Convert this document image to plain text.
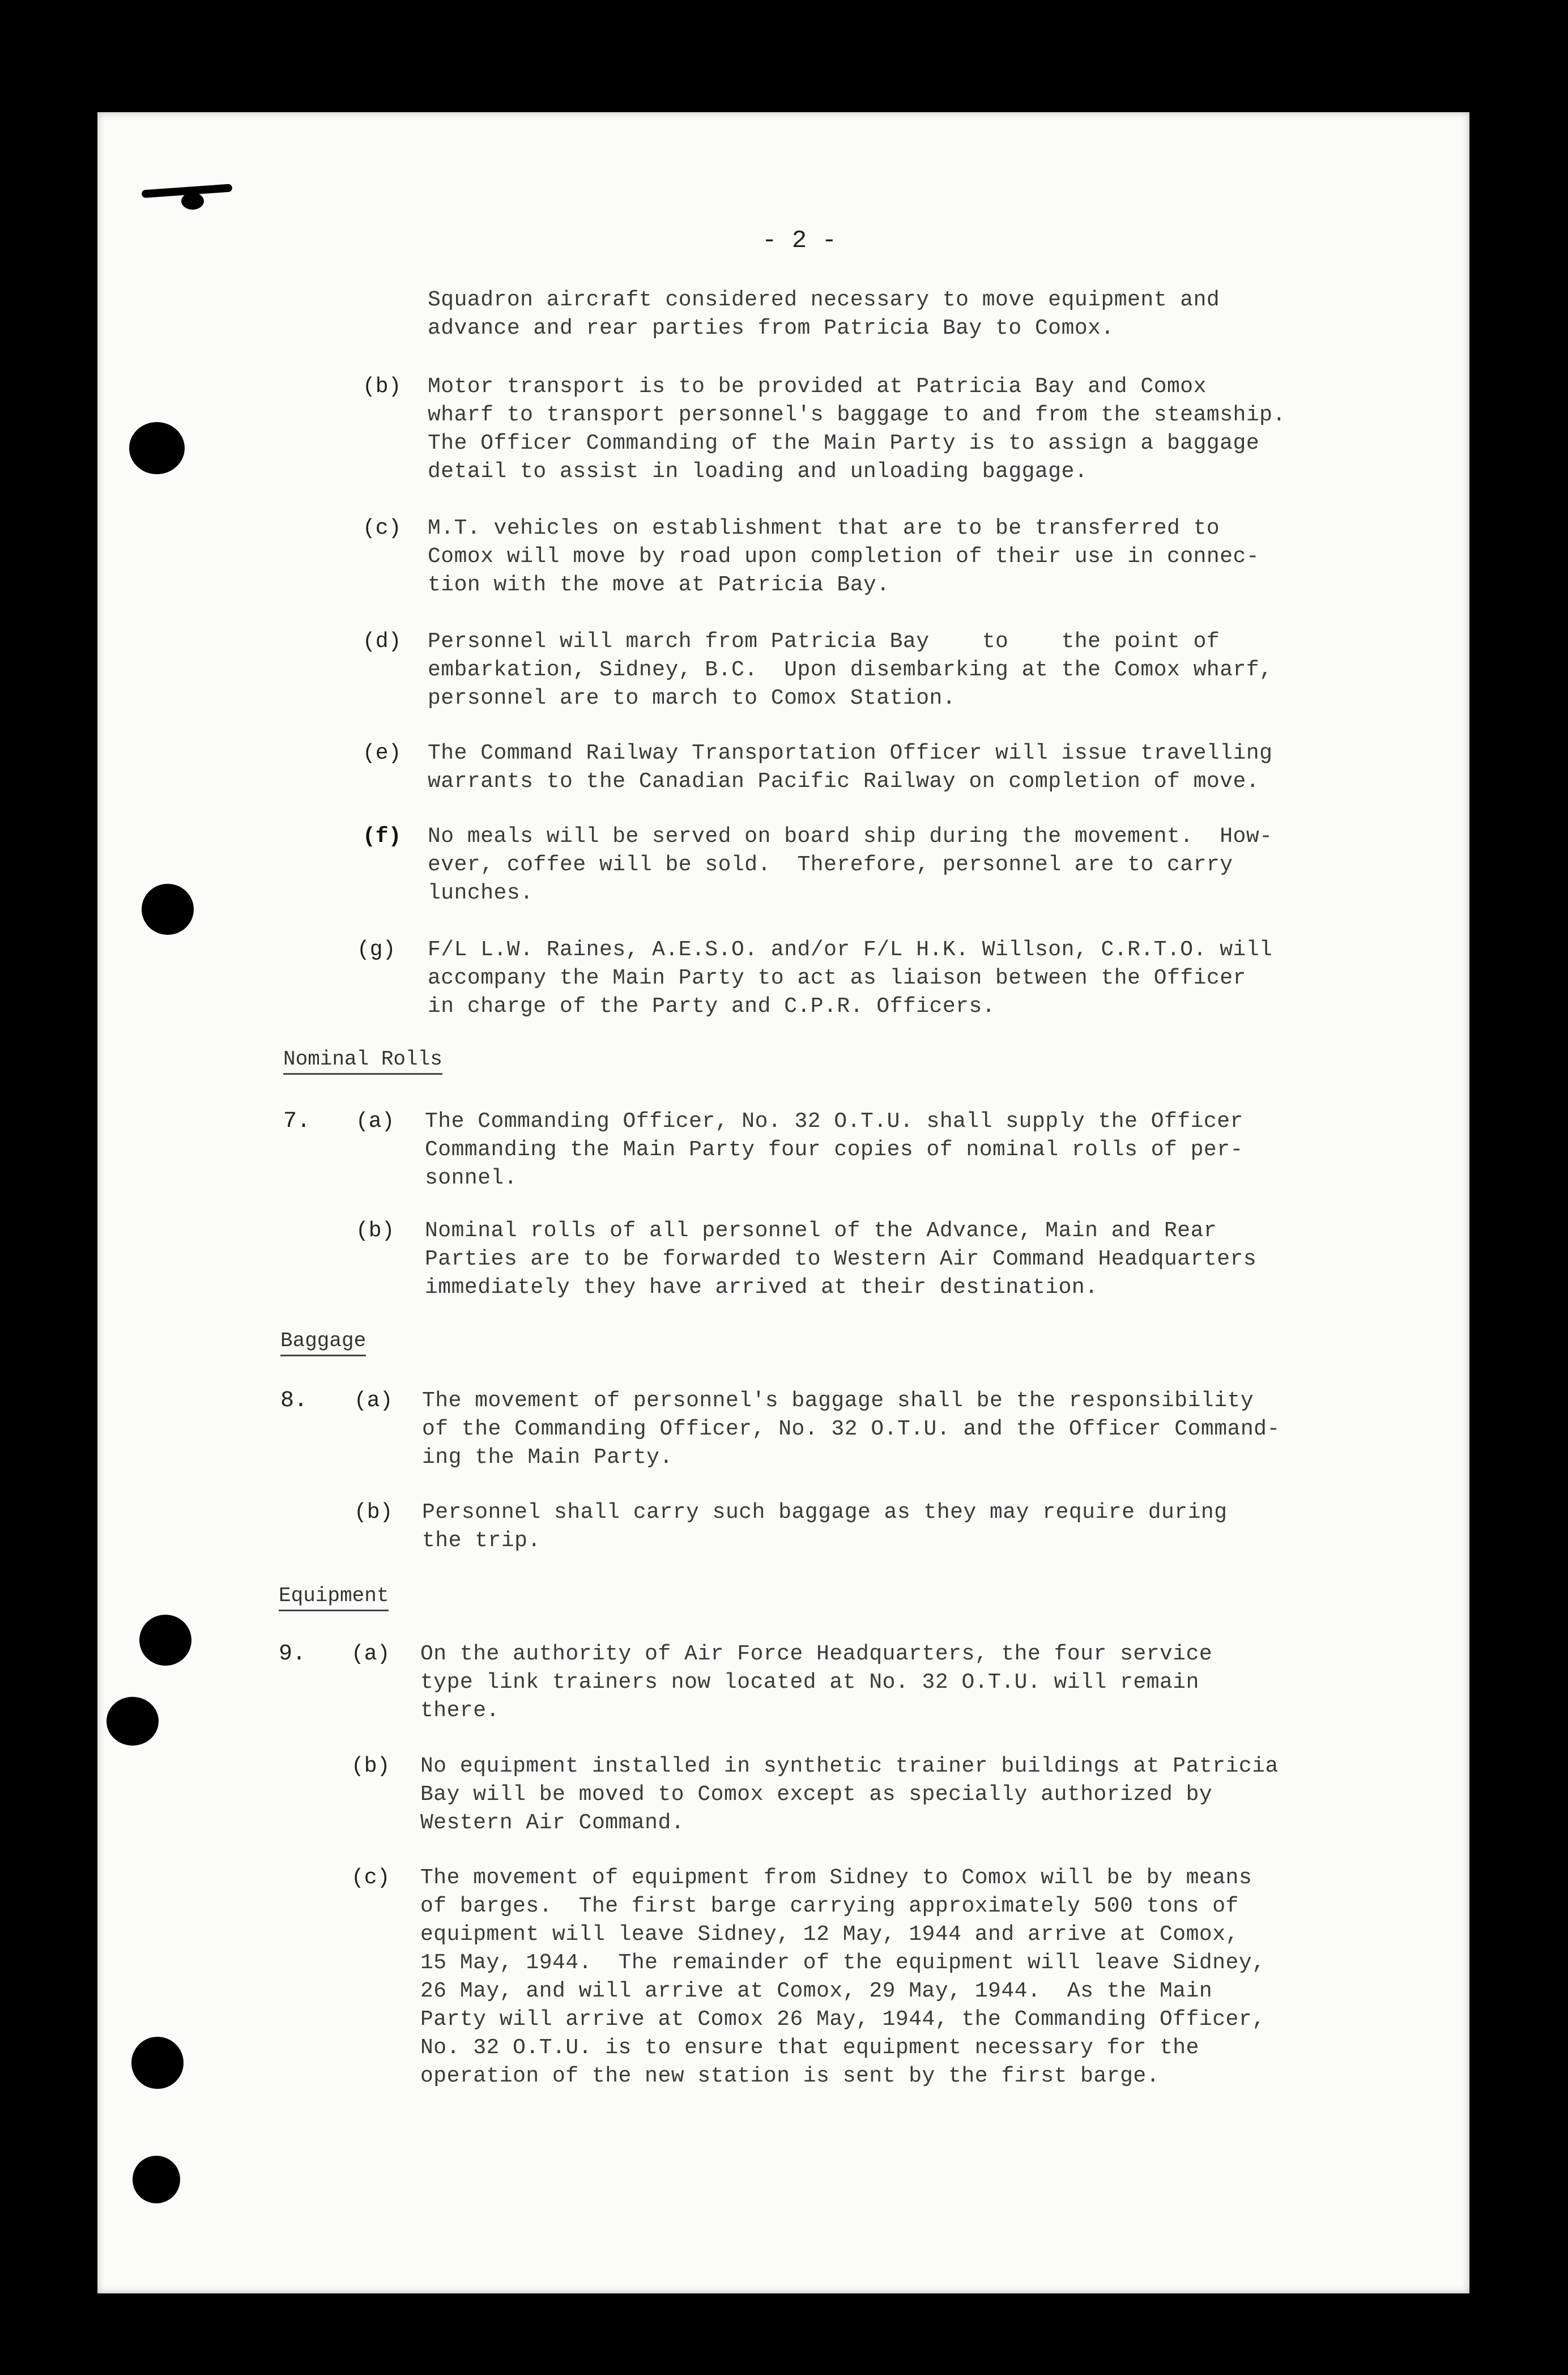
- 2 -
Squadron aircraft considered necessary to move equipment and
advance and rear parties from Patricia Bay to Comox.
(b) Motor transport is to be provided at Patricia Bay and Comox
wharf to transport personnel's baggage to and from the steamship.
The Officer Commanding of the Main Party is to assign a baggage
detail to assist in loading and unloading baggage.
(c) M.T. vehicles on establishment that are to be transferred to
Comox will move by road upon completion of their use in connec-
tion with the move at Patricia Bay.
(d) Personnel will march from Patricia Bay    to    the point of
embarkation, Sidney, B.C.  Upon disembarking at the Comox wharf,
personnel are to march to Comox Station.
(e) The Command Railway Transportation Officer will issue travelling
warrants to the Canadian Pacific Railway on completion of move.
(f) No meals will be served on board ship during the movement.  How-
ever, coffee will be sold.  Therefore, personnel are to carry
lunches.
(g) F/L L.W. Raines, A.E.S.O. and/or F/L H.K. Willson, C.R.T.O. will
accompany the Main Party to act as liaison between the Officer
in charge of the Party and C.P.R. Officers.
Nominal Rolls
7. (a) The Commanding Officer, No. 32 O.T.U. shall supply the Officer
Commanding the Main Party four copies of nominal rolls of per-
sonnel.
(b) Nominal rolls of all personnel of the Advance, Main and Rear
Parties are to be forwarded to Western Air Command Headquarters
immediately they have arrived at their destination.
Baggage
8. (a) The movement of personnel's baggage shall be the responsibility
of the Commanding Officer, No. 32 O.T.U. and the Officer Command-
ing the Main Party.
(b) Personnel shall carry such baggage as they may require during
the trip.
Equipment
9. (a) On the authority of Air Force Headquarters, the four service
type link trainers now located at No. 32 O.T.U. will remain
there.
(b) No equipment installed in synthetic trainer buildings at Patricia
Bay will be moved to Comox except as specially authorized by
Western Air Command.
(c) The movement of equipment from Sidney to Comox will be by means
of barges.  The first barge carrying approximately 500 tons of
equipment will leave Sidney, 12 May, 1944 and arrive at Comox,
15 May, 1944.  The remainder of the equipment will leave Sidney,
26 May, and will arrive at Comox, 29 May, 1944.  As the Main
Party will arrive at Comox 26 May, 1944, the Commanding Officer,
No. 32 O.T.U. is to ensure that equipment necessary for the
operation of the new station is sent by the first barge.
